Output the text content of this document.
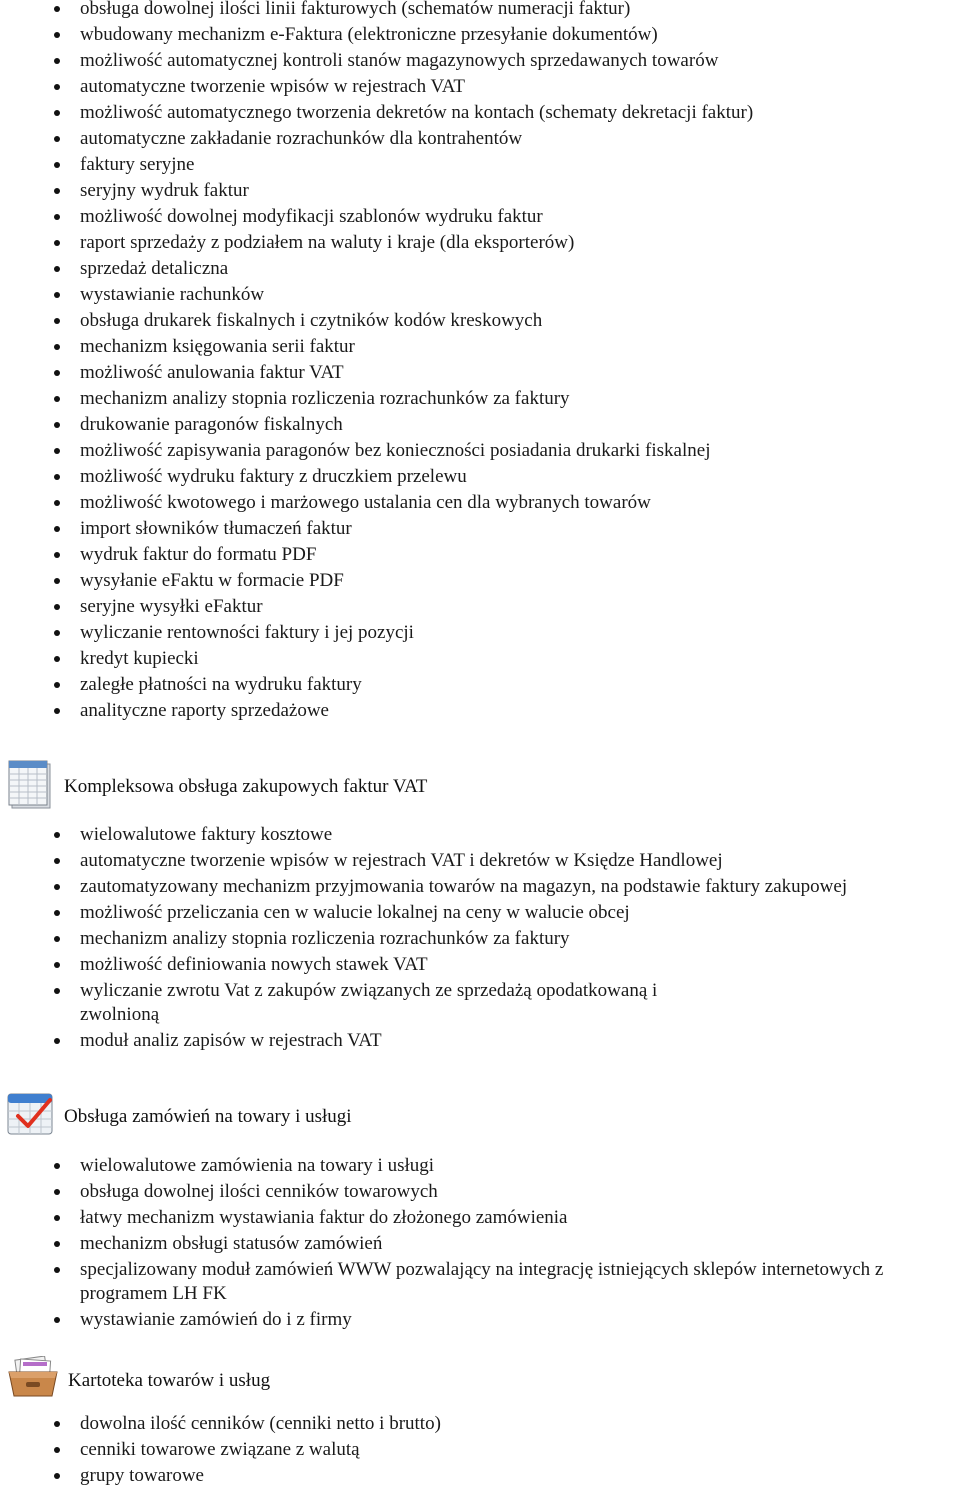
obsługa dowolnej ilości linii fakturowych (schematów numeracji faktur)
wbudowany mechanizm e-Faktura (elektroniczne przesyłanie dokumentów)
możliwość automatycznej kontroli stanów magazynowych sprzedawanych towarów
automatyczne tworzenie wpisów w rejestrach VAT
możliwość automatycznego tworzenia dekretów na kontach (schematy dekretacji faktur)
automatyczne zakładanie rozrachunków dla kontrahentów
faktury seryjne
seryjny wydruk faktur
możliwość dowolnej modyfikacji szablonów wydruku faktur
raport sprzedaży z podziałem na waluty i kraje (dla eksporterów)
sprzedaż detaliczna
wystawianie rachunków
obsługa drukarek fiskalnych i czytników kodów kreskowych
mechanizm księgowania serii faktur
możliwość anulowania faktur VAT
mechanizm analizy stopnia rozliczenia rozrachunków za faktury
drukowanie paragonów fiskalnych
możliwość zapisywania paragonów bez konieczności posiadania drukarki fiskalnej
możliwość wydruku faktury z druczkiem przelewu
możliwość kwotowego i marżowego ustalania cen dla wybranych towarów
import słowników tłumaczeń faktur
wydruk faktur do formatu PDF
wysyłanie eFaktu w formacie PDF
seryjne wysyłki eFaktur
wyliczanie rentowności faktury i jej pozycji
kredyt kupiecki
zaległe płatności na wydruku faktury
analityczne raporty sprzedażowe
Kompleksowa obsługa zakupowych faktur VAT
wielowalutowe faktury kosztowe
automatyczne tworzenie wpisów w rejestrach VAT i dekretów w Księdze Handlowej
zautomatyzowany mechanizm przyjmowania towarów na magazyn, na podstawie faktury zakupowej
możliwość przeliczania cen w walucie lokalnej na ceny w walucie obcej
mechanizm analizy stopnia rozliczenia rozrachunków za faktury
możliwość definiowania nowych stawek VAT
wyliczanie zwrotu Vat z zakupów związanych ze sprzedażą opodatkowaną i zwolnioną
moduł analiz zapisów w rejestrach VAT
Obsługa zamówień na towary i usługi
wielowalutowe zamówienia na towary i usługi
obsługa dowolnej ilości cenników towarowych
łatwy mechanizm wystawiania faktur do złożonego zamówienia
mechanizm obsługi statusów zamówień
specjalizowany moduł zamówień WWW pozwalający na integrację istniejących sklepów internetowych z
programem LH FK
wystawianie zamówień do i z firmy
Kartoteka towarów i usług
dowolna ilość cenników (cenniki netto i brutto)
cenniki towarowe związane z walutą
grupy towarowe
